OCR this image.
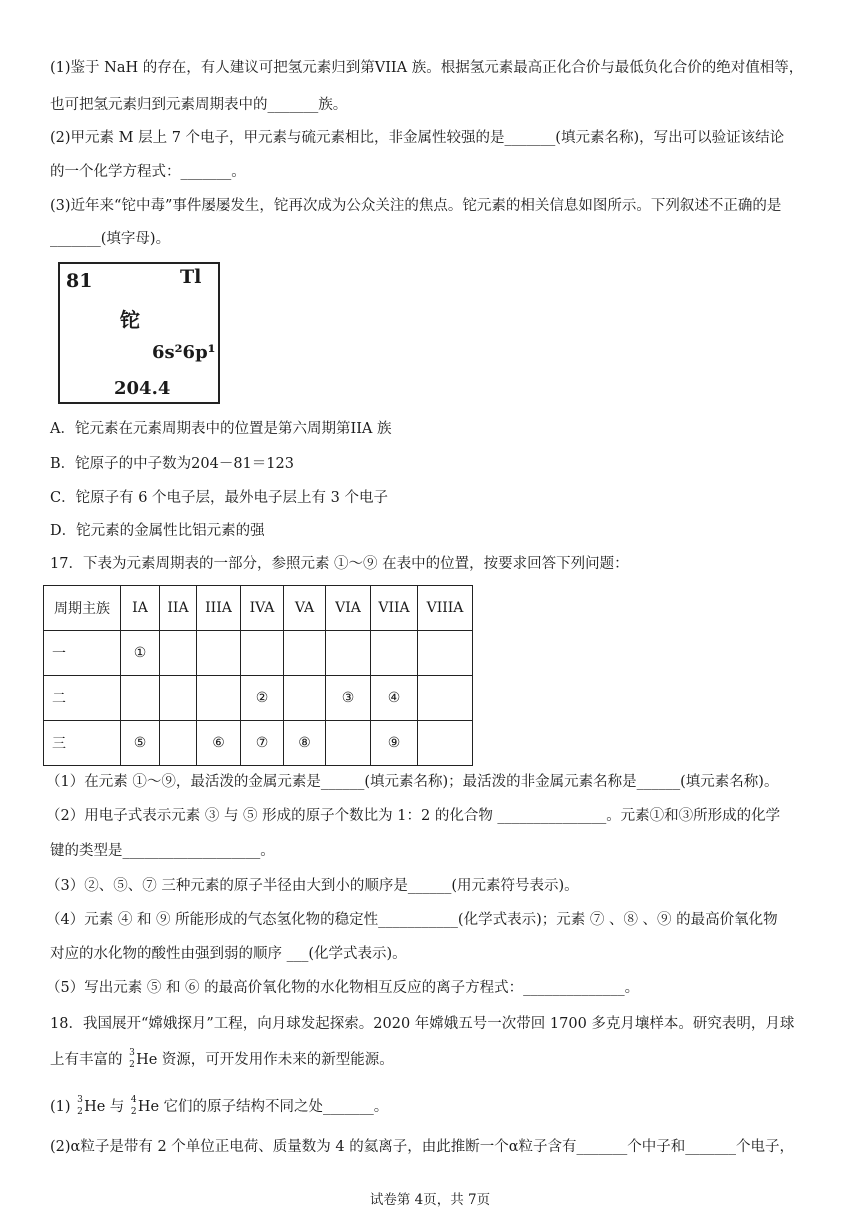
(1)鉴于 NaH 的存在，有人建议可把氢元素归到第VIIA 族。根据氢元素最高正化合价与最低负化合价的绝对值相等，
也可把氢元素归到元素周期表中的_______族。
(2)甲元素 M 层上 7 个电子，甲元素与硫元素相比，非金属性较强的是_______(填元素名称)，写出可以验证该结论
的一个化学方程式：_______。
(3)近年来“铊中毒”事件屡屡发生，铊再次成为公众关注的焦点。铊元素的相关信息如图所示。下列叙述不正确的是
_______(填字母)。
81	Tl
铊
6s²6p¹
204.4
A．铊元素在元素周期表中的位置是第六周期第IIA 族
B．铊原子的中子数为204－81＝123
C．铊原子有 6 个电子层，最外电子层上有 3 个电子
D．铊元素的金属性比铝元素的强
17．下表为元素周期表的一部分，参照元素 ①～⑨ 在表中的位置，按要求回答下列问题：
周期主族	IA	IIA	IIIA	IVA	VA	VIA	VIIA	VIIIA
一	①							
二				②		③	④	
三	⑤		⑥	⑦	⑧		⑨	
（1）在元素 ①～⑨，最活泼的金属元素是______(填元素名称)；最活泼的非金属元素名称是______(填元素名称)。
（2）用电子式表示元素 ③ 与 ⑤ 形成的原子个数比为 1：2 的化合物 _______________。元素①和③所形成的化学
键的类型是___________________。
（3）②、⑤、⑦ 三种元素的原子半径由大到小的顺序是______(用元素符号表示)。
（4）元素 ④ 和 ⑨ 所能形成的气态氢化物的稳定性___________(化学式表示)；元素 ⑦ 、⑧ 、⑨ 的最高价氧化物
对应的水化物的酸性由强到弱的顺序 ___(化学式表示)。
（5）写出元素 ⑤ 和 ⑥ 的最高价氧化物的水化物相互反应的离子方程式：______________。
18．我国展开“嫦娥探月”工程，向月球发起探索。2020 年嫦娥五号一次带回 1700 多克月壤样本。研究表明，月球
上有丰富的 3
2 He 资源，可开发用作未来的新型能源。
(1) 3
2 He 与 4
2 He 它们的原子结构不同之处_______。
(2)α粒子是带有 2 个单位正电荷、质量数为 4 的氦离子，由此推断一个α粒子含有_______个中子和_______个电子，
试卷第 4页，共 7页
